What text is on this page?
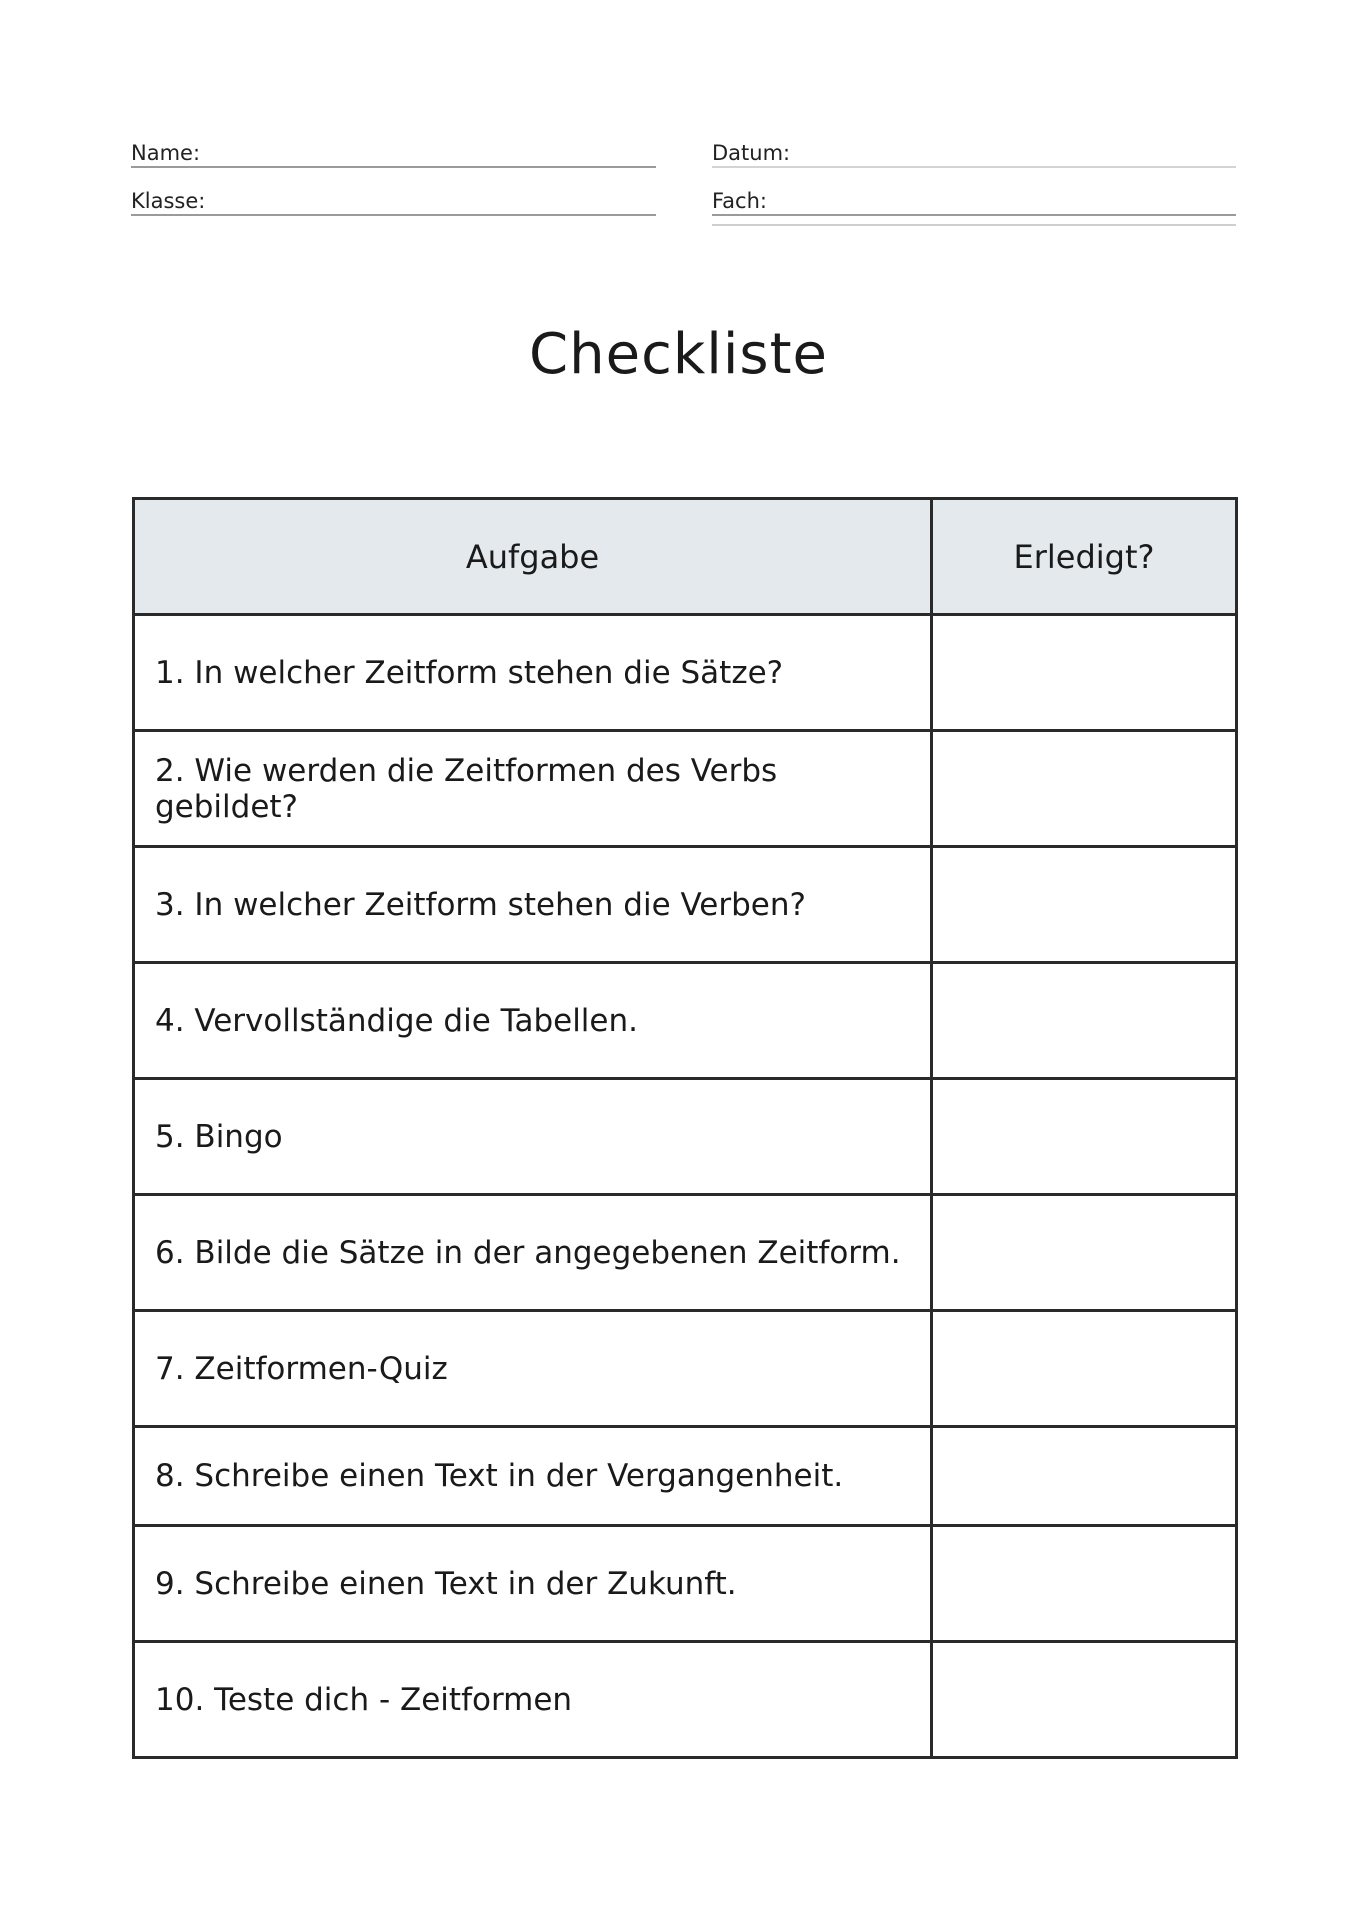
Name:
Klasse:
Datum:
Fach:
Checkliste
Aufgabe	Erledigt?
1. In welcher Zeitform stehen die Sätze?	
2. Wie werden die Zeitformen des Verbs gebildet?	
3. In welcher Zeitform stehen die Verben?	
4. Vervollständige die Tabellen.	
5. Bingo	
6. Bilde die Sätze in der angegebenen Zeitform.	
7. Zeitformen-Quiz	
8. Schreibe einen Text in der Vergangenheit.	
9. Schreibe einen Text in der Zukunft.	
10. Teste dich - Zeitformen	
